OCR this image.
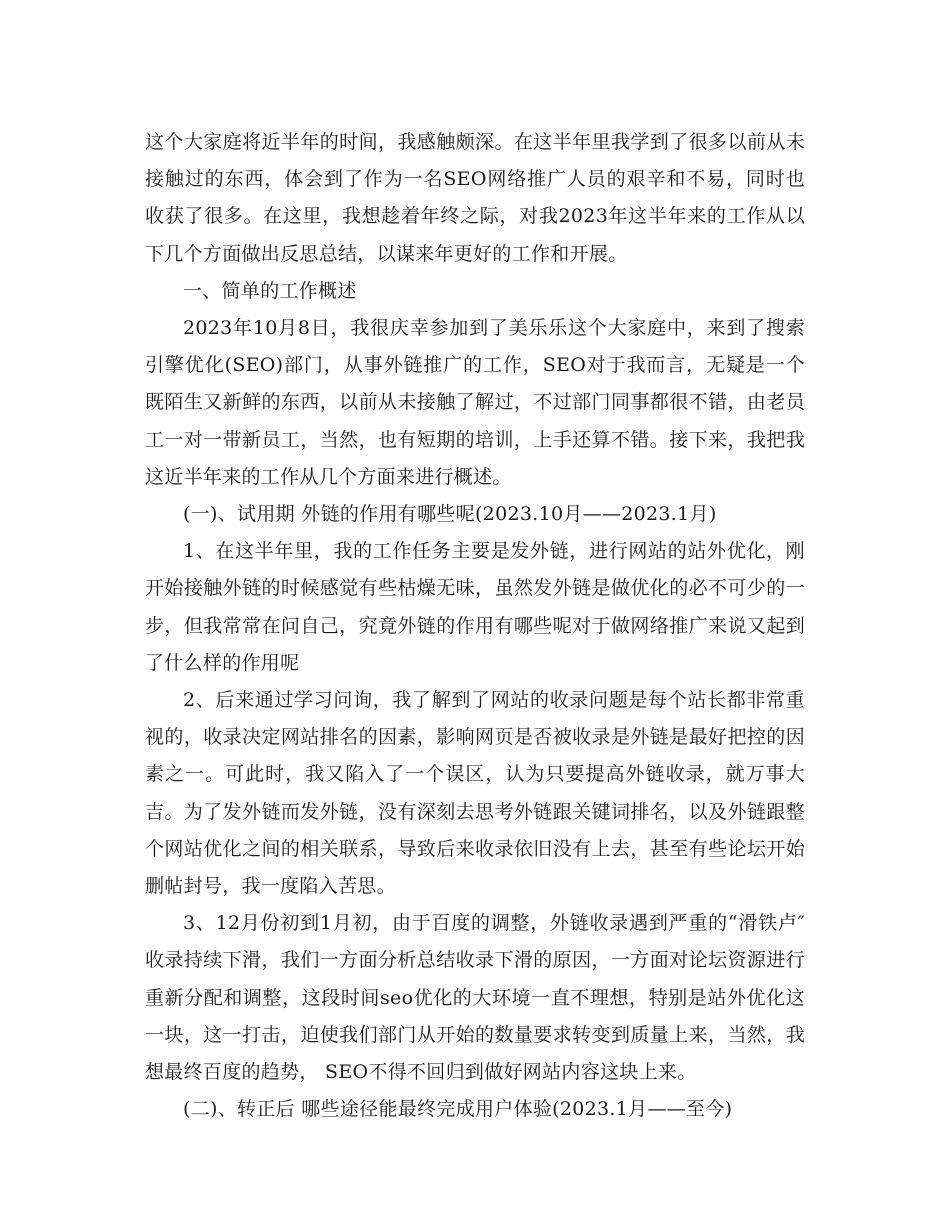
这个大家庭将近半年的时间，我感触颇深。在这半年里我学到了很多以前从未接触过的东西，体会到了作为一名SEO网络推广人员的艰辛和不易，同时也收获了很多。在这里，我想趁着年终之际，对我2023年这半年来的工作从以下几个方面做出反思总结，以谋来年更好的工作和开展。

一、简单的工作概述

2023年10月8日，我很庆幸参加到了美乐乐这个大家庭中，来到了搜索引擎优化(SEO)部门，从事外链推广的工作，SEO对于我而言，无疑是一个既陌生又新鲜的东西，以前从未接触了解过，不过部门同事都很不错，由老员工一对一带新员工，当然，也有短期的培训，上手还算不错。接下来，我把我这近半年来的工作从几个方面来进行概述。

(一)、试用期 外链的作用有哪些呢(2023.10月——2023.1月)

1、在这半年里，我的工作任务主要是发外链，进行网站的站外优化，刚开始接触外链的时候感觉有些枯燥无味，虽然发外链是做优化的必不可少的一步，但我常常在问自己，究竟外链的作用有哪些呢对于做网络推广来说又起到了什么样的作用呢

2、后来通过学习问询，我了解到了网站的收录问题是每个站长都非常重视的，收录决定网站排名的因素，影响网页是否被收录是外链是最好把控的因素之一。可此时，我又陷入了一个误区，认为只要提高外链收录，就万事大吉。为了发外链而发外链，没有深刻去思考外链跟关键词排名，以及外链跟整个网站优化之间的相关联系，导致后来收录依旧没有上去，甚至有些论坛开始删帖封号，我一度陷入苦思。

3、12月份初到1月初，由于百度的调整，外链收录遇到严重的“滑铁卢″ 收录持续下滑，我们一方面分析总结收录下滑的原因，一方面对论坛资源进行重新分配和调整，这段时间seo优化的大环境一直不理想，特别是站外优化这一块，这一打击，迫使我们部门从开始的数量要求转变到质量上来，当然，我想最终百度的趋势， SEO不得不回归到做好网站内容这块上来。

(二)、转正后 哪些途径能最终完成用户体验(2023.1月——至今)
